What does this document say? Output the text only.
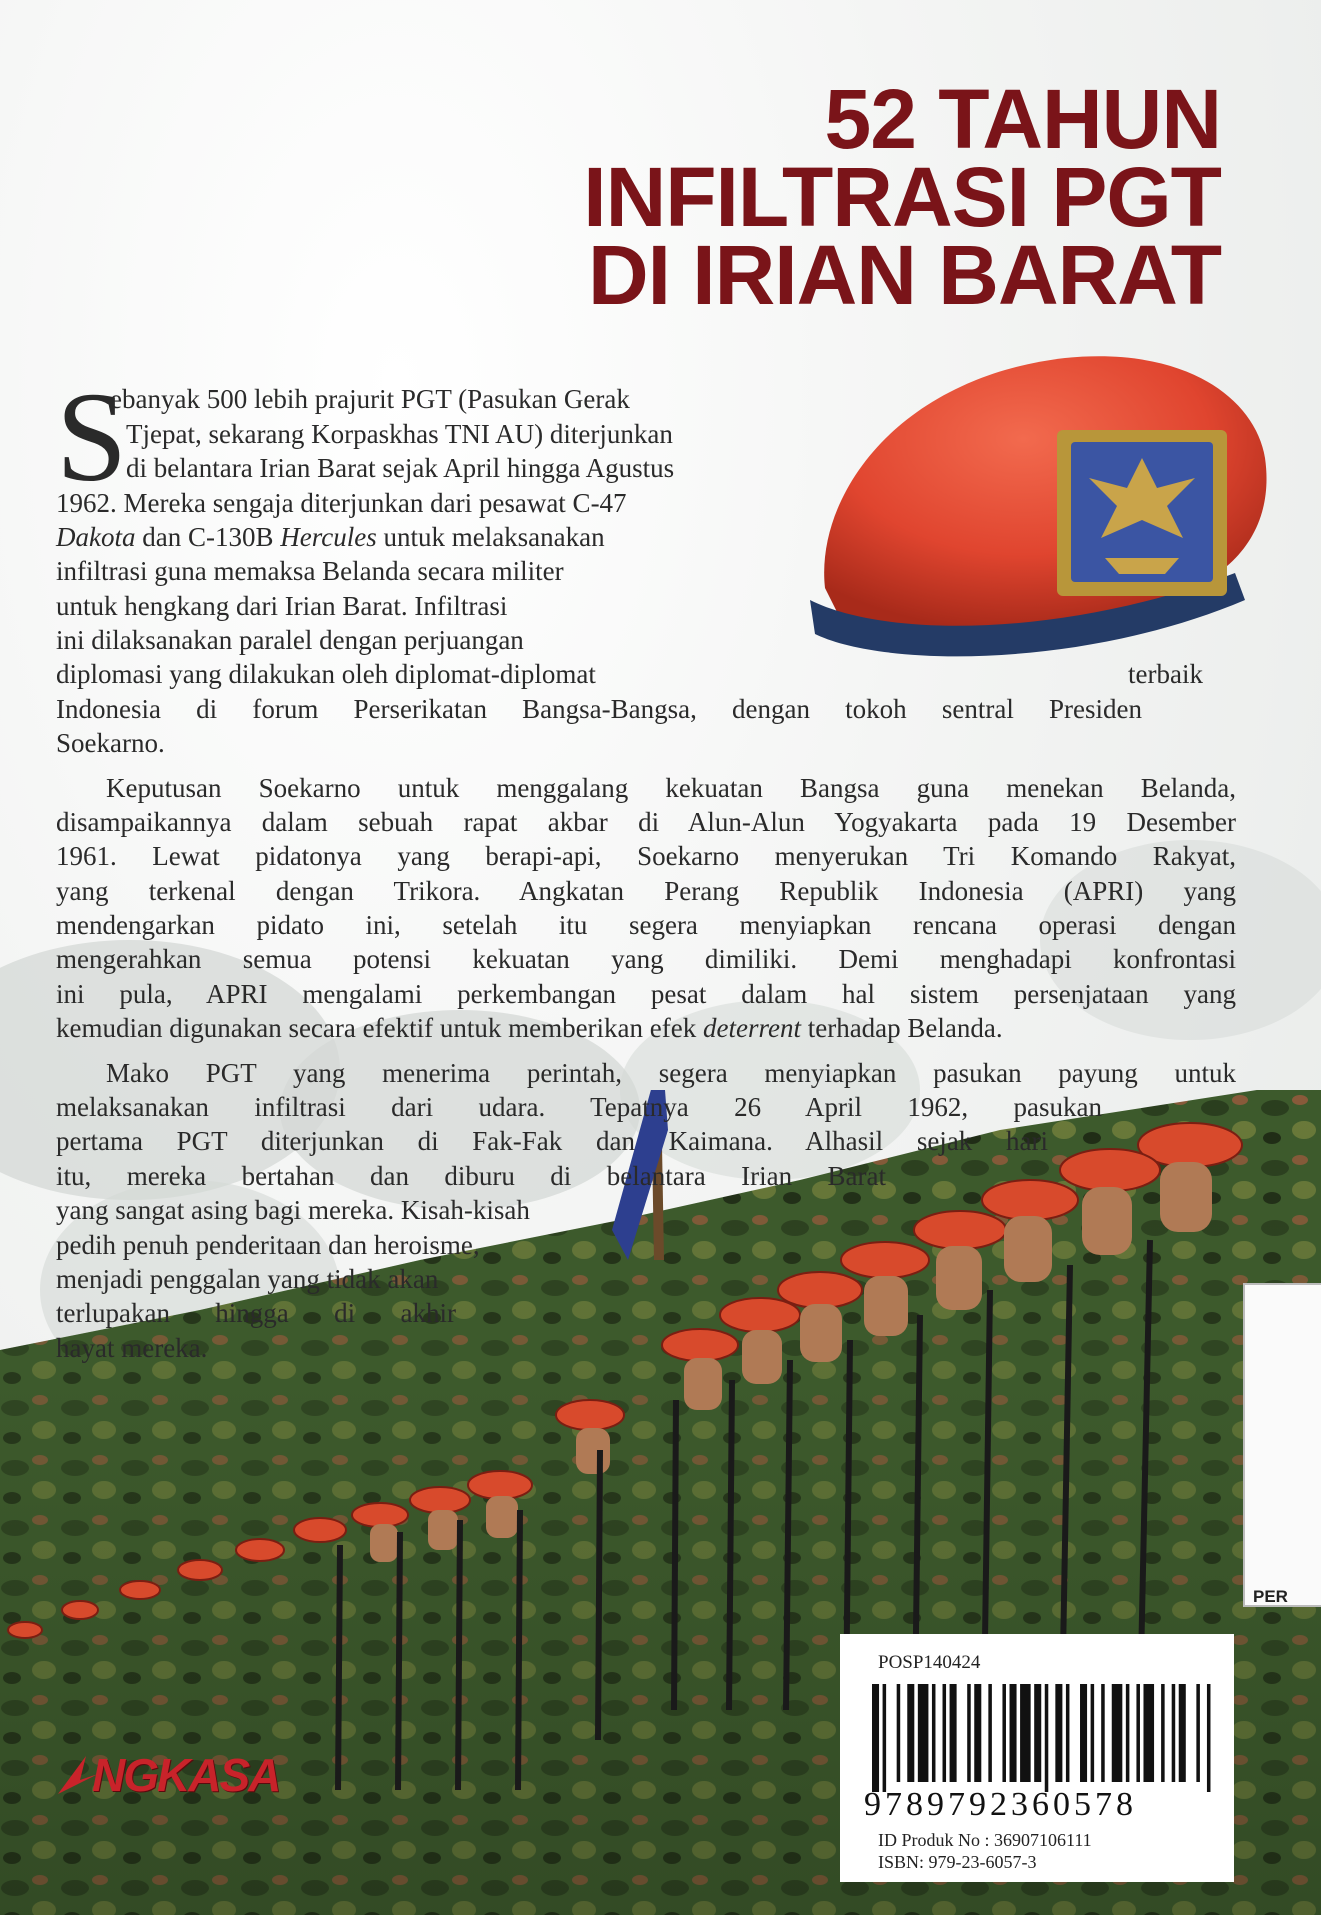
52 TAHUN
INFILTRASI PGT
DI IRIAN BARAT
S
ebanyak 500 lebih prajurit PGT (Pasukan Gerak
Tjepat, sekarang Korpaskhas TNI AU) diterjunkan
di belantara Irian Barat sejak April hingga Agustus
1962. Mereka sengaja diterjunkan dari pesawat C-47
Dakota dan C-130B Hercules untuk melaksanakan
infiltrasi guna memaksa Belanda secara militer
untuk hengkang dari Irian Barat. Infiltrasi
ini dilaksanakan paralel dengan perjuangan
diplomasi yang dilakukan oleh diplomat-diplomat	terbaik
Indonesia di forum Perserikatan Bangsa-Bangsa, dengan tokoh sentral Presiden
Soekarno.
Keputusan Soekarno untuk menggalang kekuatan Bangsa guna menekan Belanda,
disampaikannya dalam sebuah rapat akbar di Alun-Alun Yogyakarta pada 19 Desember
1961. Lewat pidatonya yang berapi-api, Soekarno menyerukan Tri Komando Rakyat,
yang terkenal dengan Trikora. Angkatan Perang Republik Indonesia (APRI) yang
mendengarkan pidato ini, setelah itu segera menyiapkan rencana operasi dengan
mengerahkan semua potensi kekuatan yang dimiliki. Demi menghadapi konfrontasi
ini pula, APRI mengalami perkembangan pesat dalam hal sistem persenjataan yang
kemudian digunakan secara efektif untuk memberikan efek deterrent terhadap Belanda.
Mako PGT yang menerima perintah, segera menyiapkan pasukan payung untuk
melaksanakan infiltrasi dari udara. Tepatnya 26 April 1962, pasukan
pertama PGT diterjunkan di Fak-Fak dan Kaimana. Alhasil sejak hari
itu, mereka bertahan dan diburu di belantara Irian Barat
yang sangat asing bagi mereka. Kisah-kisah
pedih penuh penderitaan dan heroisme,
menjadi penggalan yang tidak akan
terlupakan hingga di akhir
hayat mereka.
NGKASA
PER
POSP140424
9789792360578
ID Produk No : 36907106111
ISBN: 979-23-6057-3
